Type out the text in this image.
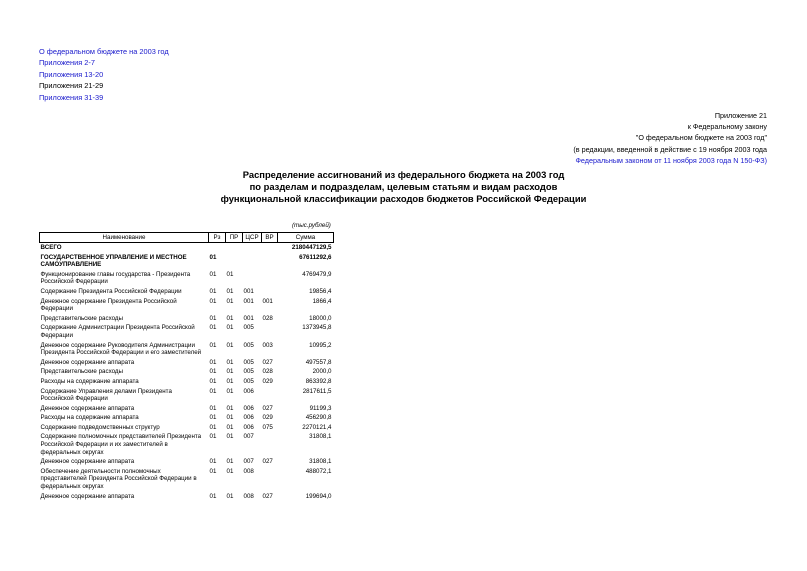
О федеральном бюджете на 2003 год
Приложения 2-7
Приложения 13-20
Приложения 21-29
Приложения 31-39
Приложение 21
к Федеральному закону
"О федеральном бюджете на 2003 год"
(в редакции, введенной в действие с 19 ноября 2003 года
Федеральным законом от 11 ноября 2003 года N 150-ФЗ)
Распределение ассигнований из федерального бюджета на 2003 год
по разделам и подразделам, целевым статьям и видам расходов
функциональной классификации расходов бюджетов Российской Федерации
(тыс.рублей)
Наименование	Рз	ПР	ЦСР	ВР	Сумма
ВСЕГО					2180447129,5
ГОСУДАРСТВЕННОЕ УПРАВЛЕНИЕ И МЕСТНОЕ САМОУПРАВЛЕНИЕ	01				67611292,6
Функционирование главы государства - Президента Российской Федерации	01	01			4769479,9
Содержание Президента Российской Федерации	01	01	001		19856,4
Денежное содержание Президента Российской Федерации	01	01	001	001	1866,4
Представительские расходы	01	01	001	028	18000,0
Содержание Администрации Президента Российской Федерации	01	01	005		1373945,8
Денежное содержание Руководителя Администрации Президента Российской Федерации и его заместителей	01	01	005	003	10995,2
Денежное содержание аппарата	01	01	005	027	497557,8
Представительские расходы	01	01	005	028	2000,0
Расходы на содержание аппарата	01	01	005	029	863392,8
Содержание Управления делами Президента Российской Федерации	01	01	006		2817611,5
Денежное содержание аппарата	01	01	006	027	91199,3
Расходы на содержание аппарата	01	01	006	029	456290,8
Содержание подведомственных структур	01	01	006	075	2270121,4
Содержание полномочных представителей Президента Российской Федерации и их заместителей в федеральных округах	01	01	007		31808,1
Денежное содержание аппарата	01	01	007	027	31808,1
Обеспечение деятельности полномочных представителей Президента Российской Федерации в федеральных округах	01	01	008		488072,1
Денежное содержание аппарата	01	01	008	027	199694,0
